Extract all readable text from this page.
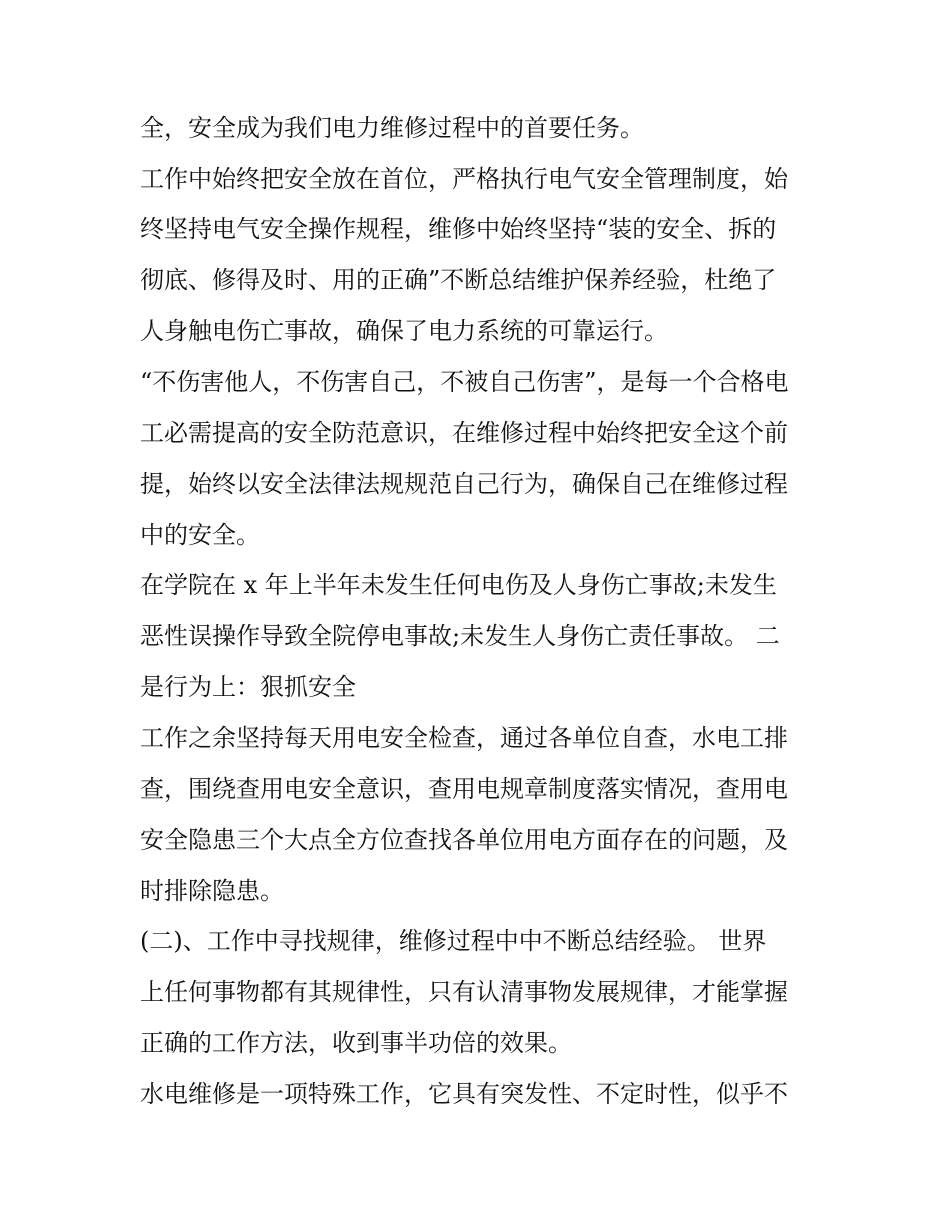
全，安全成为我们电力维修过程中的首要任务。
工作中始终把安全放在首位，严格执行电气安全管理制度，始
终坚持电气安全操作规程，维修中始终坚持“装的安全、拆的
彻底、修得及时、用的正确”不断总结维护保养经验，杜绝了
人身触电伤亡事故，确保了电力系统的可靠运行。
“不伤害他人，不伤害自己，不被自己伤害”，是每一个合格电
工必需提高的安全防范意识，在维修过程中始终把安全这个前
提，始终以安全法律法规规范自己行为，确保自己在维修过程
中的安全。
在学院在 x 年上半年未发生任何电伤及人身伤亡事故;未发生
恶性误操作导致全院停电事故;未发生人身伤亡责任事故。 二
是行为上：狠抓安全
工作之余坚持每天用电安全检查，通过各单位自查，水电工排
查，围绕查用电安全意识，查用电规章制度落实情况，查用电
安全隐患三个大点全方位查找各单位用电方面存在的问题，及
时排除隐患。
(二)、工作中寻找规律，维修过程中中不断总结经验。 世界
上任何事物都有其规律性，只有认清事物发展规律，才能掌握
正确的工作方法，收到事半功倍的效果。
水电维修是一项特殊工作，它具有突发性、不定时性，似乎不
